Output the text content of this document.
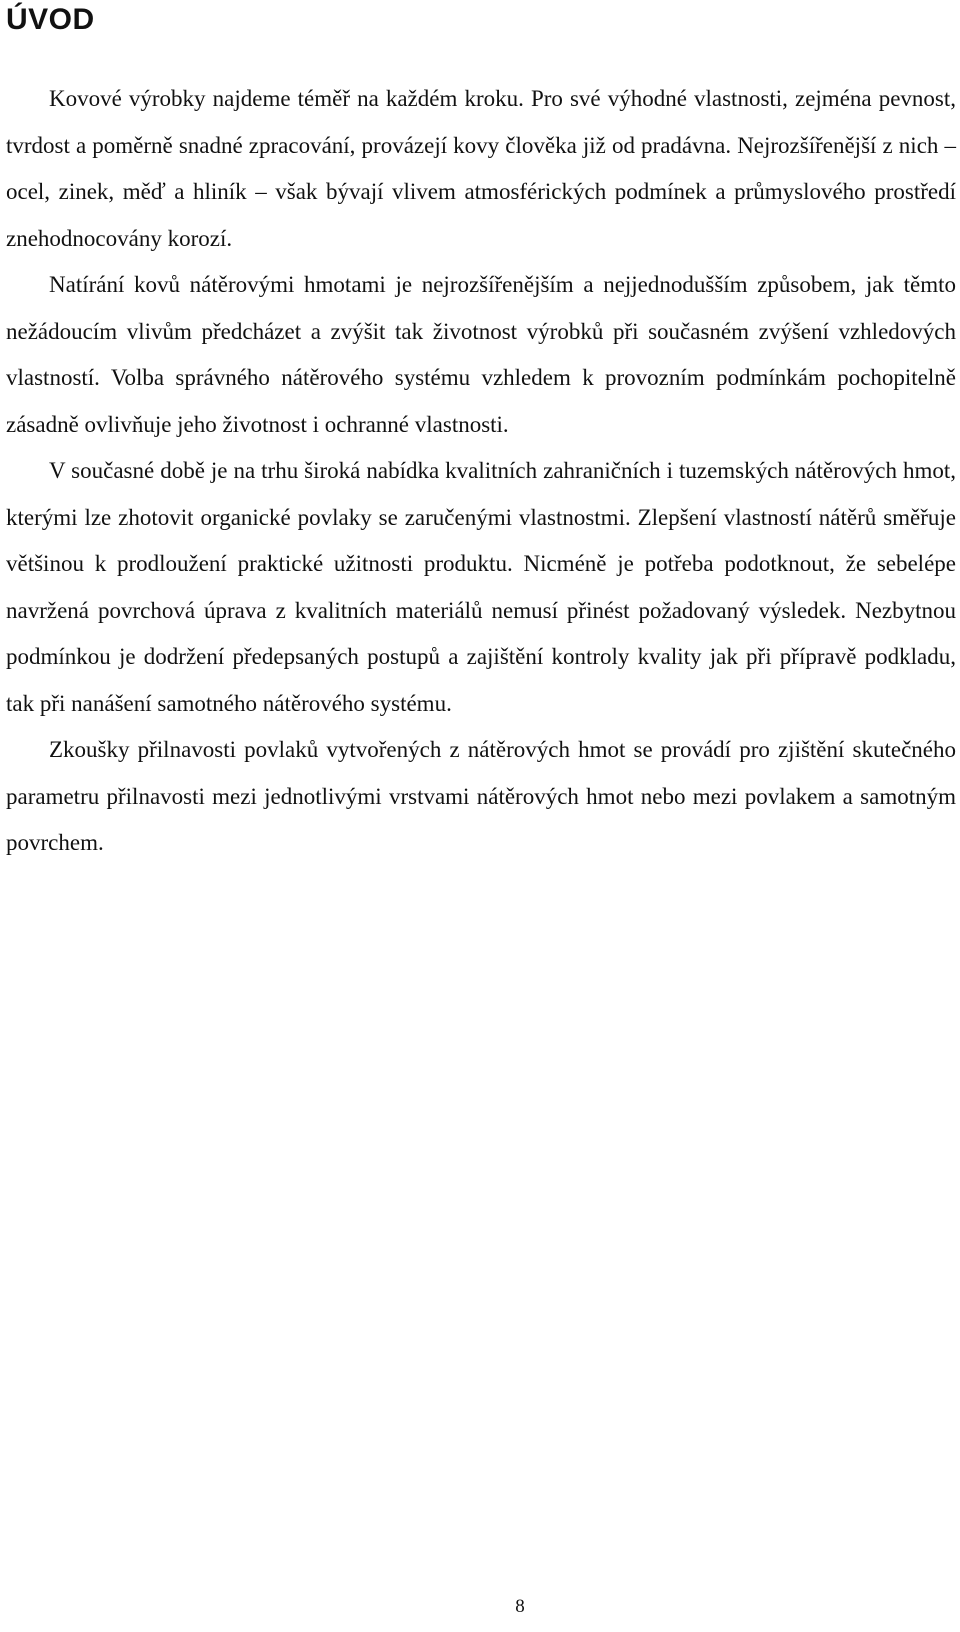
ÚVOD

Kovové výrobky najdeme téměř na každém kroku. Pro své výhodné vlastnosti, zejména pevnost, tvrdost a poměrně snadné zpracování, provázejí kovy člověka již od pradávna. Nejrozšířenější z nich – ocel, zinek, měď a hliník – však bývají vlivem atmosférických podmínek a průmyslového prostředí znehodnocovány korozí.

Natírání kovů nátěrovými hmotami je nejrozšířenějším a nejjednodušším způsobem, jak těmto nežádoucím vlivům předcházet a zvýšit tak životnost výrobků při současném zvýšení vzhledových vlastností. Volba správného nátěrového systému vzhledem k provozním podmínkám pochopitelně zásadně ovlivňuje jeho životnost i ochranné vlastnosti.

V současné době je na trhu široká nabídka kvalitních zahraničních i tuzemských nátěrových hmot, kterými lze zhotovit organické povlaky se zaručenými vlastnostmi. Zlepšení vlastností nátěrů směřuje většinou k prodloužení praktické užitnosti produktu. Nicméně je potřeba podotknout, že sebelépe navržená povrchová úprava z kvalitních materiálů nemusí přinést požadovaný výsledek. Nezbytnou podmínkou je dodržení předepsaných postupů a zajištění kontroly kvality jak při přípravě podkladu, tak při nanášení samotného nátěrového systému.

Zkoušky přilnavosti povlaků vytvořených z nátěrových hmot se provádí pro zjištění skutečného parametru přilnavosti mezi jednotlivými vrstvami nátěrových hmot nebo mezi povlakem a samotným povrchem.

8
